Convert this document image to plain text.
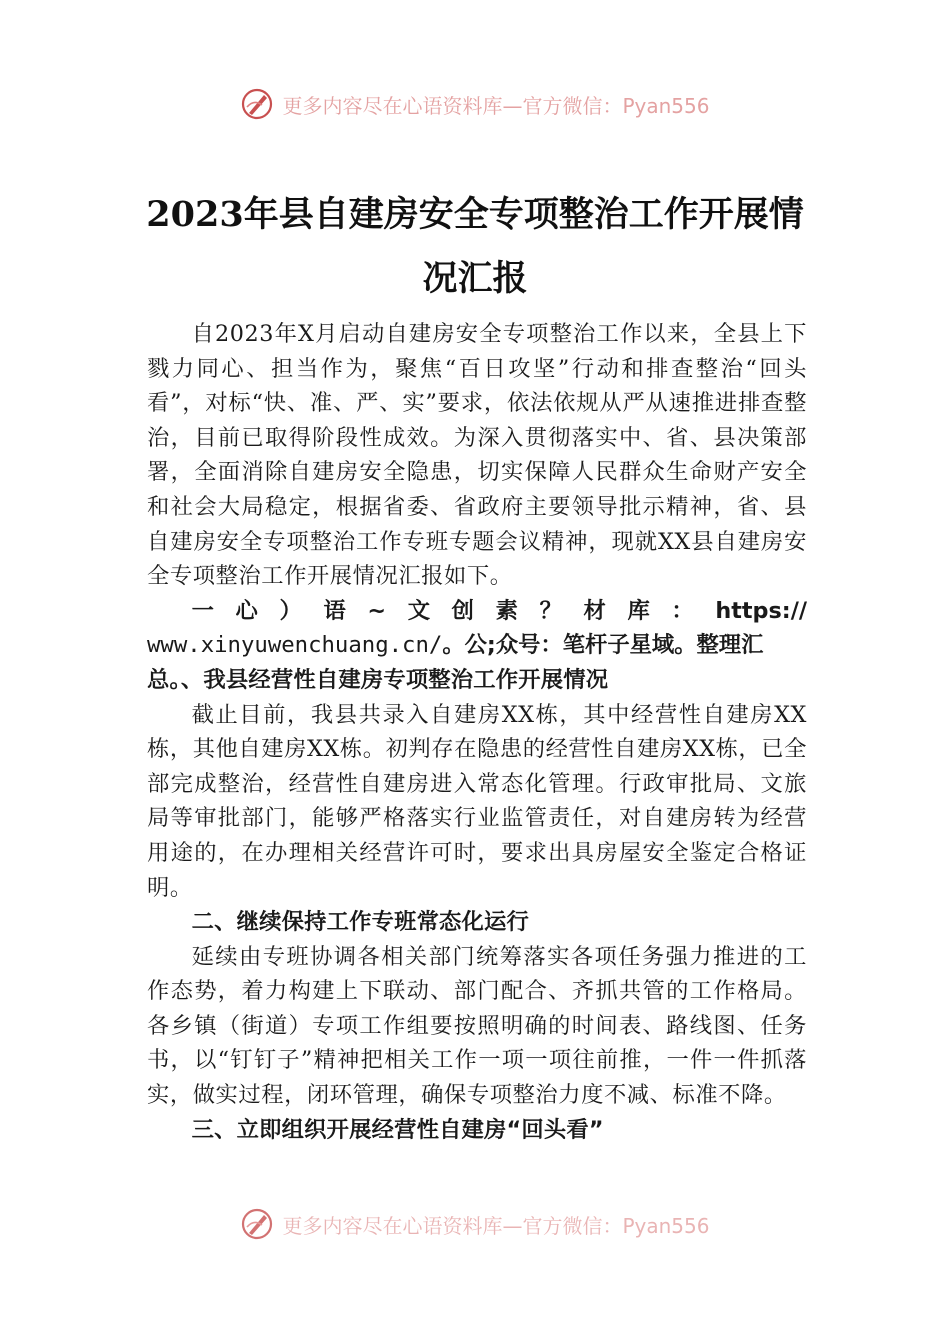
更多内容尽在心语资料库—官方微信：Pyan556
2023年县自建房安全专项整治工作开展情
况汇报

自2023年X月启动自建房安全专项整治工作以来，全县上下戮力同心、担当作为，聚焦“百日攻坚”行动和排查整治“回头看”，对标“快、准、严、实”要求，依法依规从严从速推进排查整治，目前已取得阶段性成效。为深入贯彻落实中、省、县决策部署，全面消除自建房安全隐患，切实保障人民群众生命财产安全和社会大局稳定，根据省委、省政府主要领导批示精神，省、县自建房安全专项整治工作专班专题会议精神，现就XX县自建房安全专项整治工作开展情况汇报如下。

一心）语~文创素？材库：https://

www.xinyuwenchuang.cn/。公;众号：笔杆子星域。整理汇

总。、我县经营性自建房专项整治工作开展情况

截止目前，我县共录入自建房XX栋，其中经营性自建房XX栋，其他自建房XX栋。初判存在隐患的经营性自建房XX栋，已全部完成整治，经营性自建房进入常态化管理。行政审批局、文旅局等审批部门，能够严格落实行业监管责任，对自建房转为经营用途的，在办理相关经营许可时，要求出具房屋安全鉴定合格证明。

二、继续保持工作专班常态化运行

延续由专班协调各相关部门统筹落实各项任务强力推进的工作态势，着力构建上下联动、部门配合、齐抓共管的工作格局。各乡镇（街道）专项工作组要按照明确的时间表、路线图、任务书，以“钉钉子”精神把相关工作一项一项往前推，一件一件抓落实，做实过程，闭环管理，确保专项整治力度不减、标准不降。

三、立即组织开展经营性自建房“回头看”

更多内容尽在心语资料库—官方微信：Pyan556
